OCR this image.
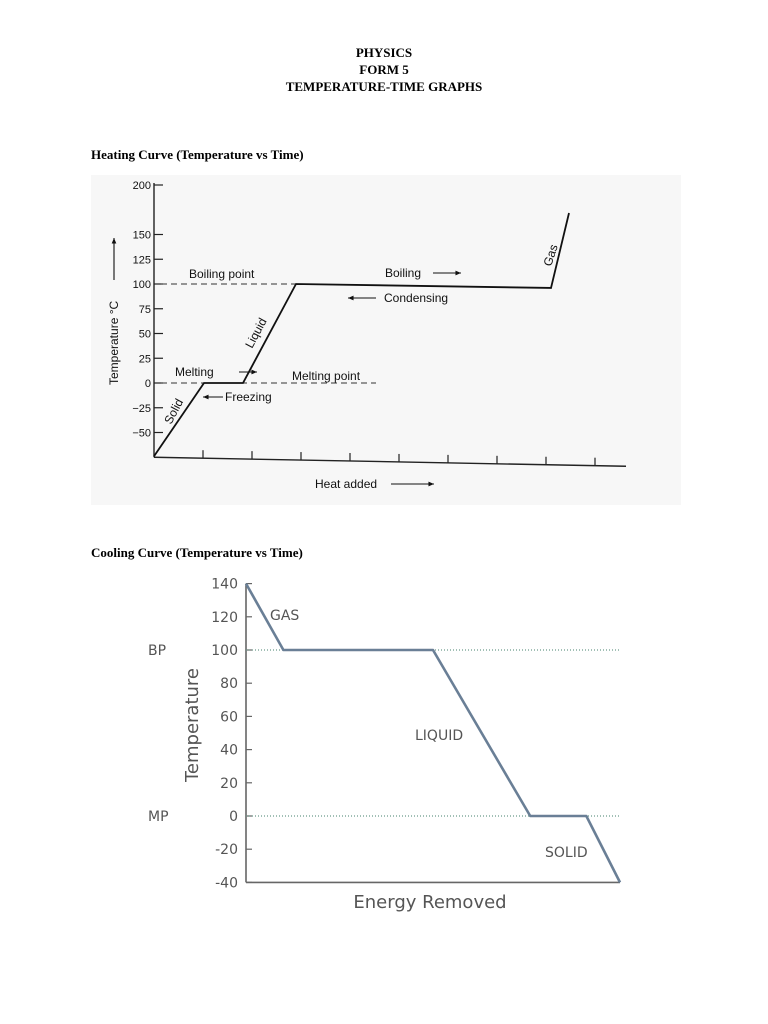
PHYSICS
FORM 5
TEMPERATURE-TIME GRAPHS
Heating Curve (Temperature vs Time)
200
150
125
100
75
50
25
0
−25
−50
Boiling point
Melting point
Solid
Melting
Freezing
Liquid
Boiling
Condensing
Gas
Heat added
Temperature °C
Cooling Curve (Temperature vs Time)
140
120
100
80
60
40
20
0
-20
-40
BP
MP
GAS
LIQUID
SOLID
Energy Removed
Temperature
